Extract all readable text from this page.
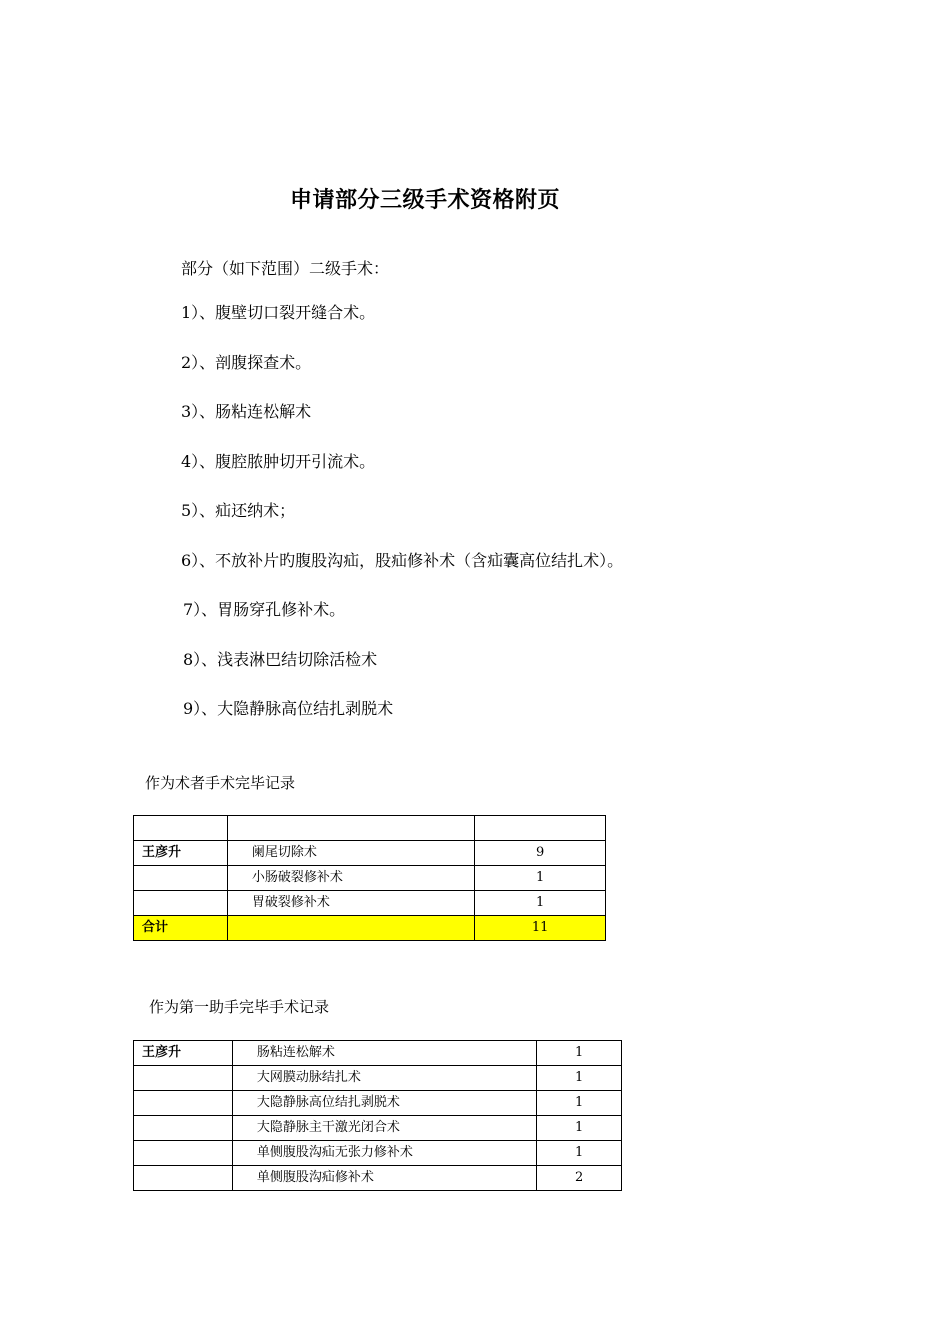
申请部分三级手术资格附页
部分（如下范围）二级手术：
1）、腹壁切口裂开缝合术。
2）、剖腹探查术。
3）、肠粘连松解术
4）、腹腔脓肿切开引流术。
5）、疝还纳术；
6）、不放补片旳腹股沟疝，股疝修补术（含疝囊高位结扎术）。
7）、胃肠穿孔修补术。
8）、浅表淋巴结切除活检术
9）、大隐静脉高位结扎剥脱术
作为术者手术完毕记录

王彦升	阑尾切除术	9
	小肠破裂修补术	1
	胃破裂修补术	1
合计		11
作为第一助手完毕手术记录
王彦升	肠粘连松解术	1
	大网膜动脉结扎术	1
	大隐静脉高位结扎剥脱术	1
	大隐静脉主干激光闭合术	1
	单侧腹股沟疝无张力修补术	1
	单侧腹股沟疝修补术	2
